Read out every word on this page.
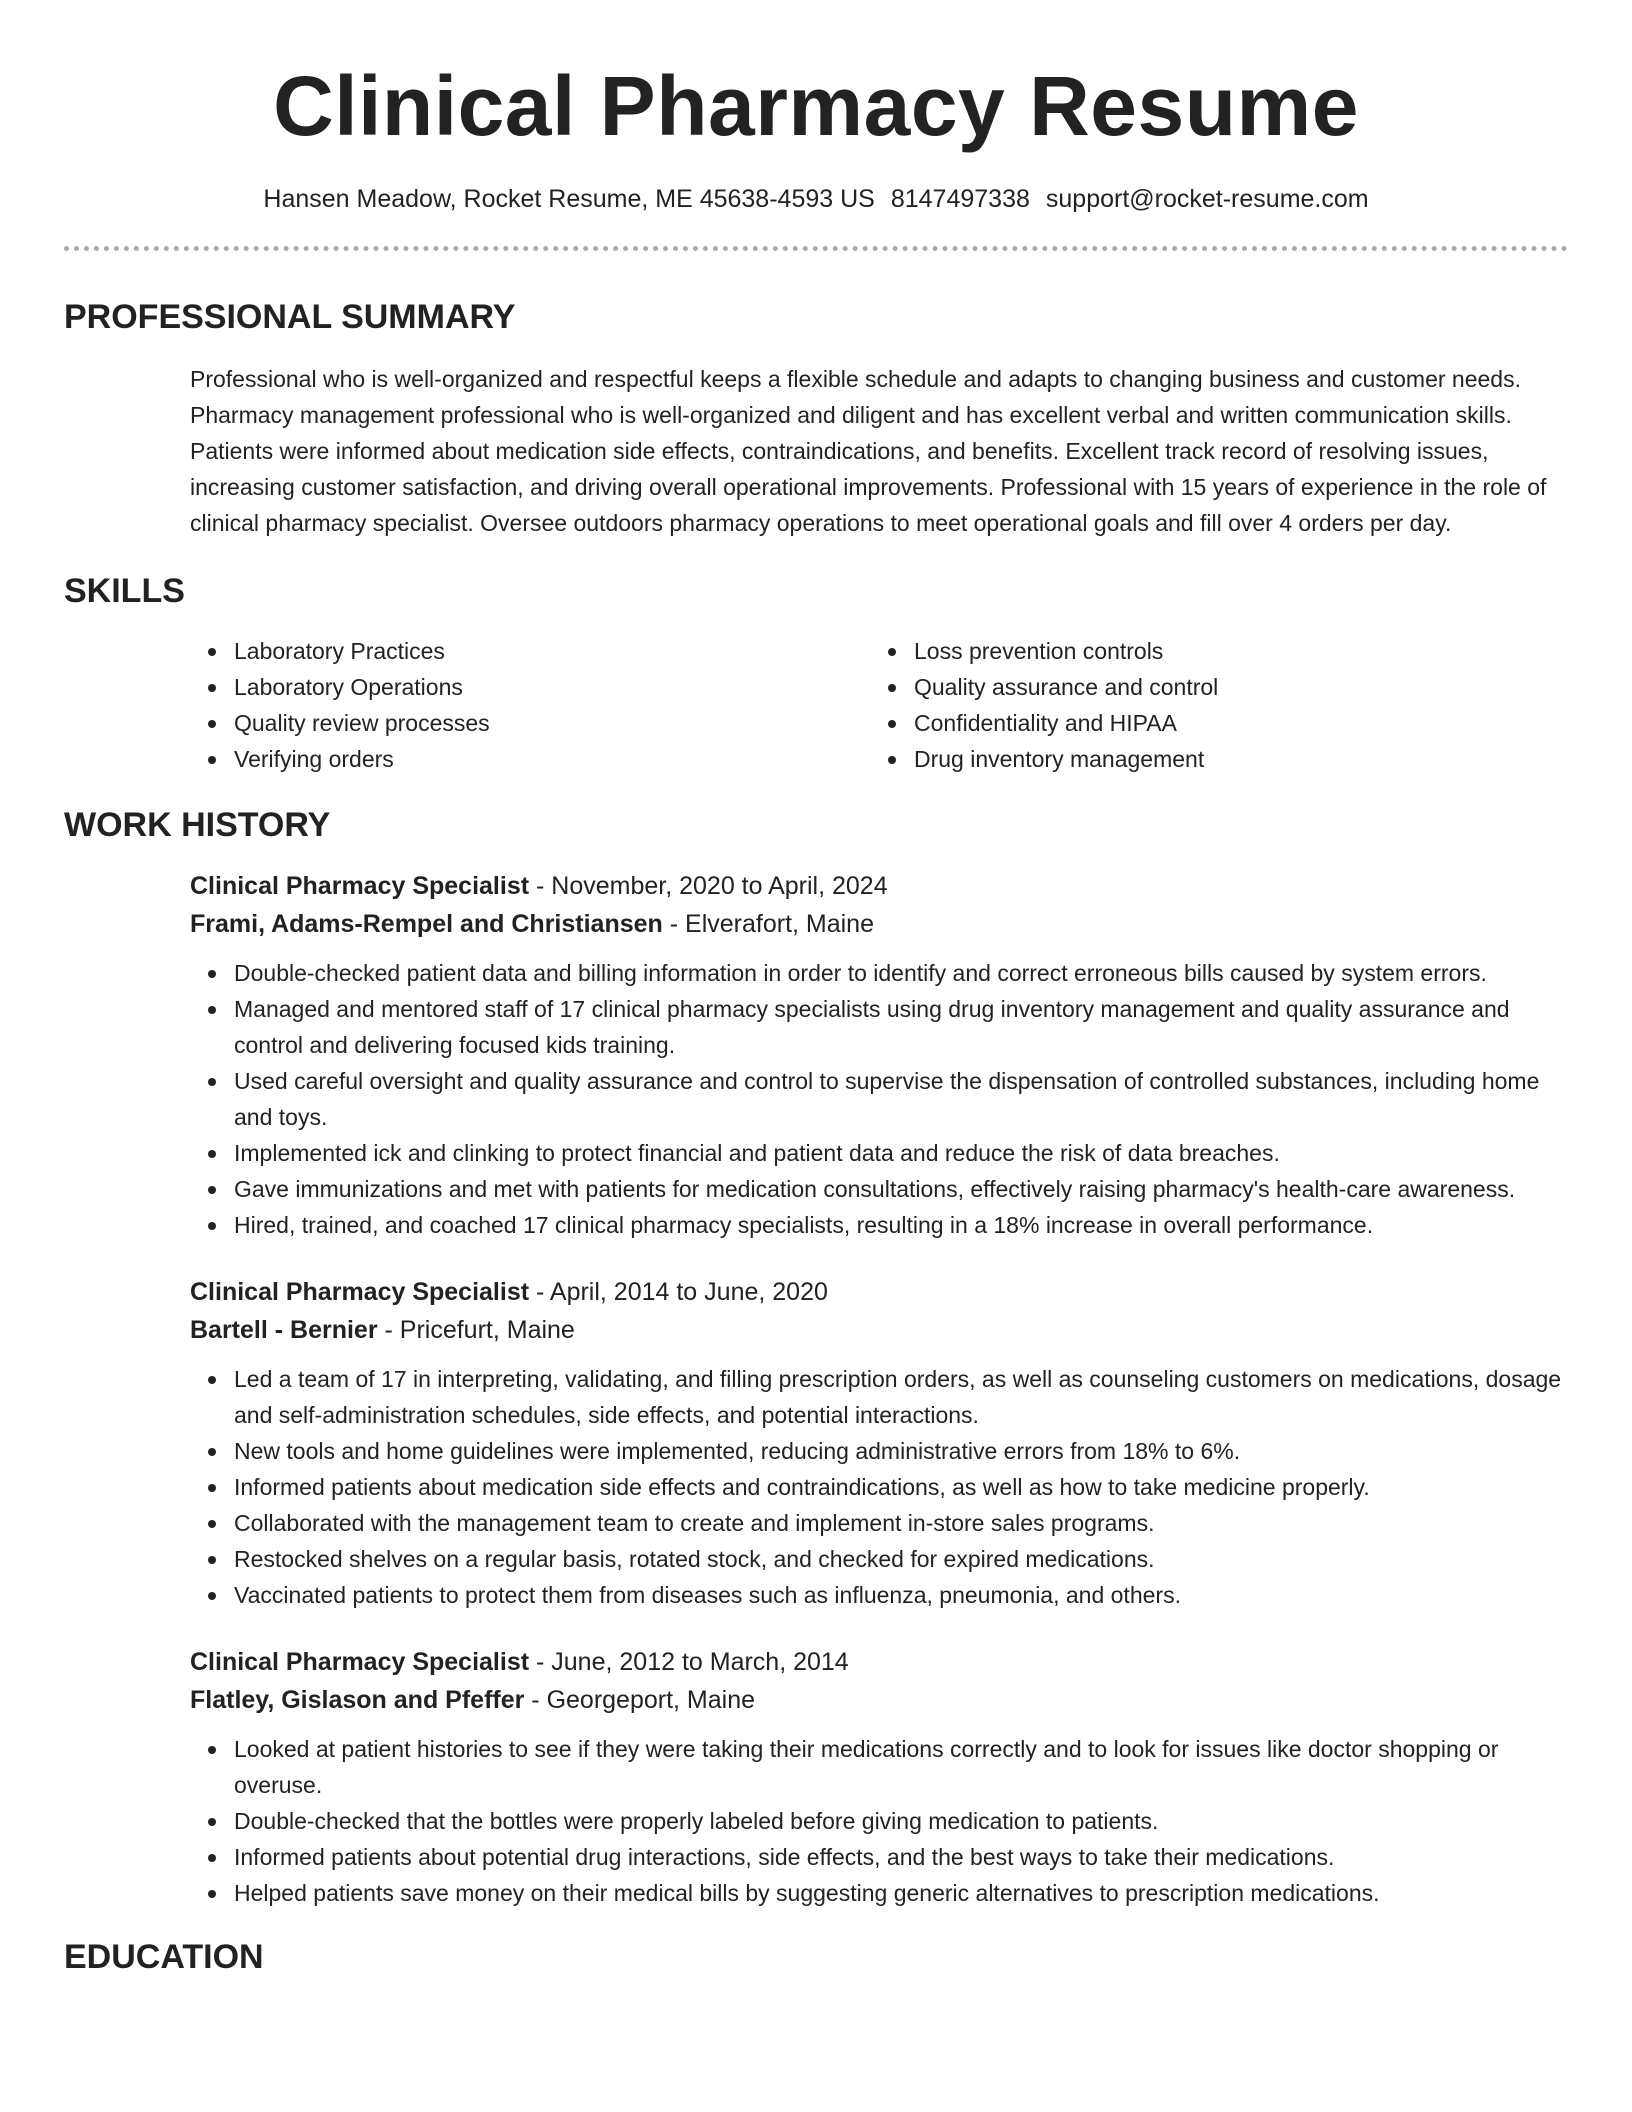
Clinical Pharmacy Resume
Hansen Meadow, Rocket Resume, ME 45638-4593 US 8147497338 support@rocket-resume.com
PROFESSIONAL SUMMARY

Professional who is well-organized and respectful keeps a flexible schedule and adapts to changing business and customer needs. Pharmacy management professional who is well-organized and diligent and has excellent verbal and written communication skills. Patients were informed about medication side effects, contraindications, and benefits. Excellent track record of resolving issues, increasing customer satisfaction, and driving overall operational improvements. Professional with 15 years of experience in the role of clinical pharmacy specialist. Oversee outdoors pharmacy operations to meet operational goals and fill over 4 orders per day.

SKILLS
Laboratory Practices
Laboratory Operations
Quality review processes
Verifying orders
Loss prevention controls
Quality assurance and control
Confidentiality and HIPAA
Drug inventory management
WORK HISTORY
Clinical Pharmacy Specialist - November, 2020 to April, 2024
Frami, Adams-Rempel and Christiansen - Elverafort, Maine
Double-checked patient data and billing information in order to identify and correct erroneous bills caused by system errors.
Managed and mentored staff of 17 clinical pharmacy specialists using drug inventory management and quality assurance and control and delivering focused kids training.
Used careful oversight and quality assurance and control to supervise the dispensation of controlled substances, including home and toys.
Implemented ick and clinking to protect financial and patient data and reduce the risk of data breaches.
Gave immunizations and met with patients for medication consultations, effectively raising pharmacy's health-care awareness.
Hired, trained, and coached 17 clinical pharmacy specialists, resulting in a 18% increase in overall performance.
Clinical Pharmacy Specialist - April, 2014 to June, 2020
Bartell - Bernier - Pricefurt, Maine
Led a team of 17 in interpreting, validating, and filling prescription orders, as well as counseling customers on medications, dosage and self-administration schedules, side effects, and potential interactions.
New tools and home guidelines were implemented, reducing administrative errors from 18% to 6%.
Informed patients about medication side effects and contraindications, as well as how to take medicine properly.
Collaborated with the management team to create and implement in-store sales programs.
Restocked shelves on a regular basis, rotated stock, and checked for expired medications.
Vaccinated patients to protect them from diseases such as influenza, pneumonia, and others.
Clinical Pharmacy Specialist - June, 2012 to March, 2014
Flatley, Gislason and Pfeffer - Georgeport, Maine
Looked at patient histories to see if they were taking their medications correctly and to look for issues like doctor shopping or overuse.
Double-checked that the bottles were properly labeled before giving medication to patients.
Informed patients about potential drug interactions, side effects, and the best ways to take their medications.
Helped patients save money on their medical bills by suggesting generic alternatives to prescription medications.
EDUCATION
